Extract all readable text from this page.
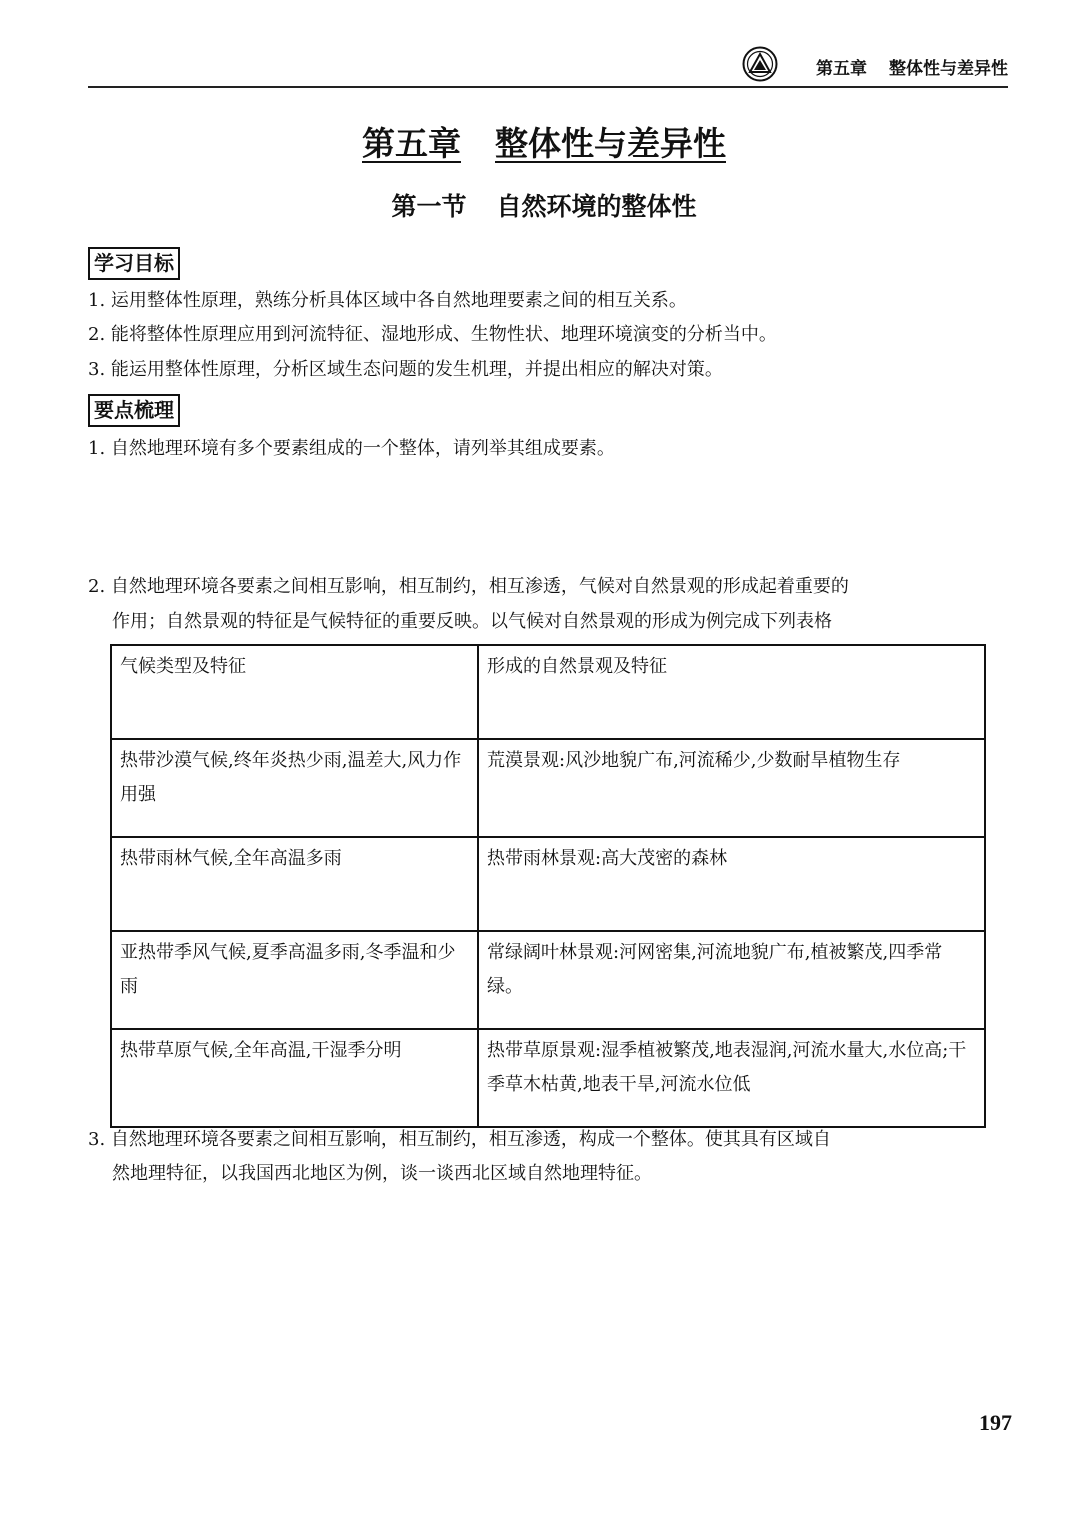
第五章 整体性与差异性
第五章 整体性与差异性
第一节 自然环境的整体性
学习目标
1. 运用整体性原理，熟练分析具体区域中各自然地理要素之间的相互关系。
2. 能将整体性原理应用到河流特征、湿地形成、生物性状、地理环境演变的分析当中。
3. 能运用整体性原理，分析区域生态问题的发生机理，并提出相应的解决对策。
要点梳理
1. 自然地理环境有多个要素组成的一个整体，请列举其组成要素。
2. 自然地理环境各要素之间相互影响，相互制约，相互渗透，气候对自然景观的形成起着重要的
作用；自然景观的特征是气候特征的重要反映。以气候对自然景观的形成为例完成下列表格
气候类型及特征	形成的自然景观及特征
热带沙漠气候,终年炎热少雨,温差大,风力作用强	荒漠景观:风沙地貌广布,河流稀少,少数耐旱植物生存
热带雨林气候,全年高温多雨	热带雨林景观:高大茂密的森林
亚热带季风气候,夏季高温多雨,冬季温和少雨	常绿阔叶林景观:河网密集,河流地貌广布,植被繁茂,四季常绿。
热带草原气候,全年高温,干湿季分明	热带草原景观:湿季植被繁茂,地表湿润,河流水量大,水位高;干季草木枯黄,地表干旱,河流水位低
3. 自然地理环境各要素之间相互影响，相互制约，相互渗透，构成一个整体。使其具有区域自
然地理特征，以我国西北地区为例，谈一谈西北区域自然地理特征。
197
